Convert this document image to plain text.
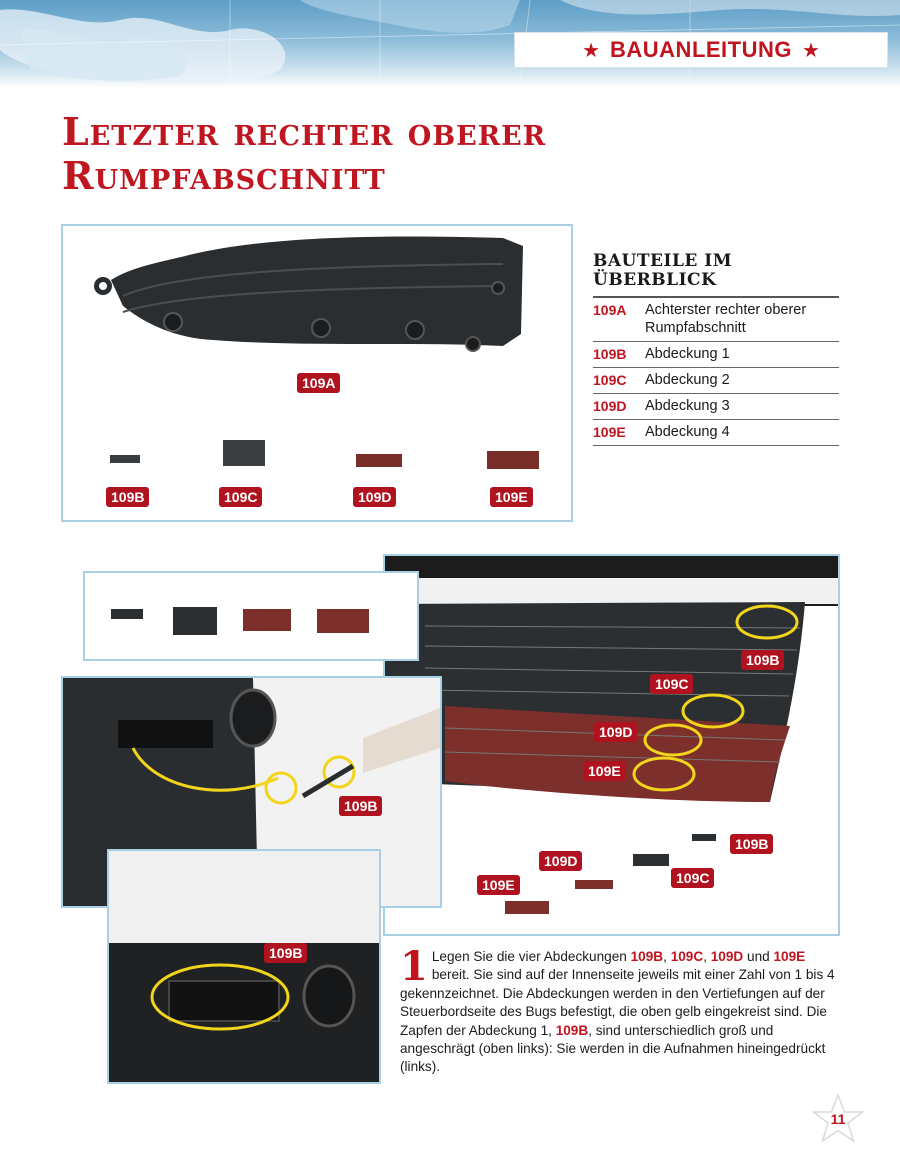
★ BAUANLEITUNG ★
Letzter rechter oberer
Rumpfabschnitt
109A
109B	109C	109D	109E
BAUTEILE IM
ÜBERBLICK
109A	Achterster rechter oberer Rumpfabschnitt
109B	Abdeckung 1
109C	Abdeckung 2
109D	Abdeckung 3
109E	Abdeckung 4
109B
109C
109D
109E
109B
109C
109D
109E
109B
109B 1 Legen Sie die vier Abdeckungen 109B, 109C, 109D und 109E bereit. Sie sind auf der Innenseite jeweils mit einer Zahl von 1 bis 4 gekennzeichnet. Die Abdeckungen werden in den Vertiefungen auf der Steuerbordseite des Bugs befestigt, die oben gelb eingekreist sind. Die Zapfen der Abdeckung 1, 109B, sind unterschiedlich groß und angeschrägt (oben links): Sie werden in die Aufnahmen hineingedrückt (links).
11
